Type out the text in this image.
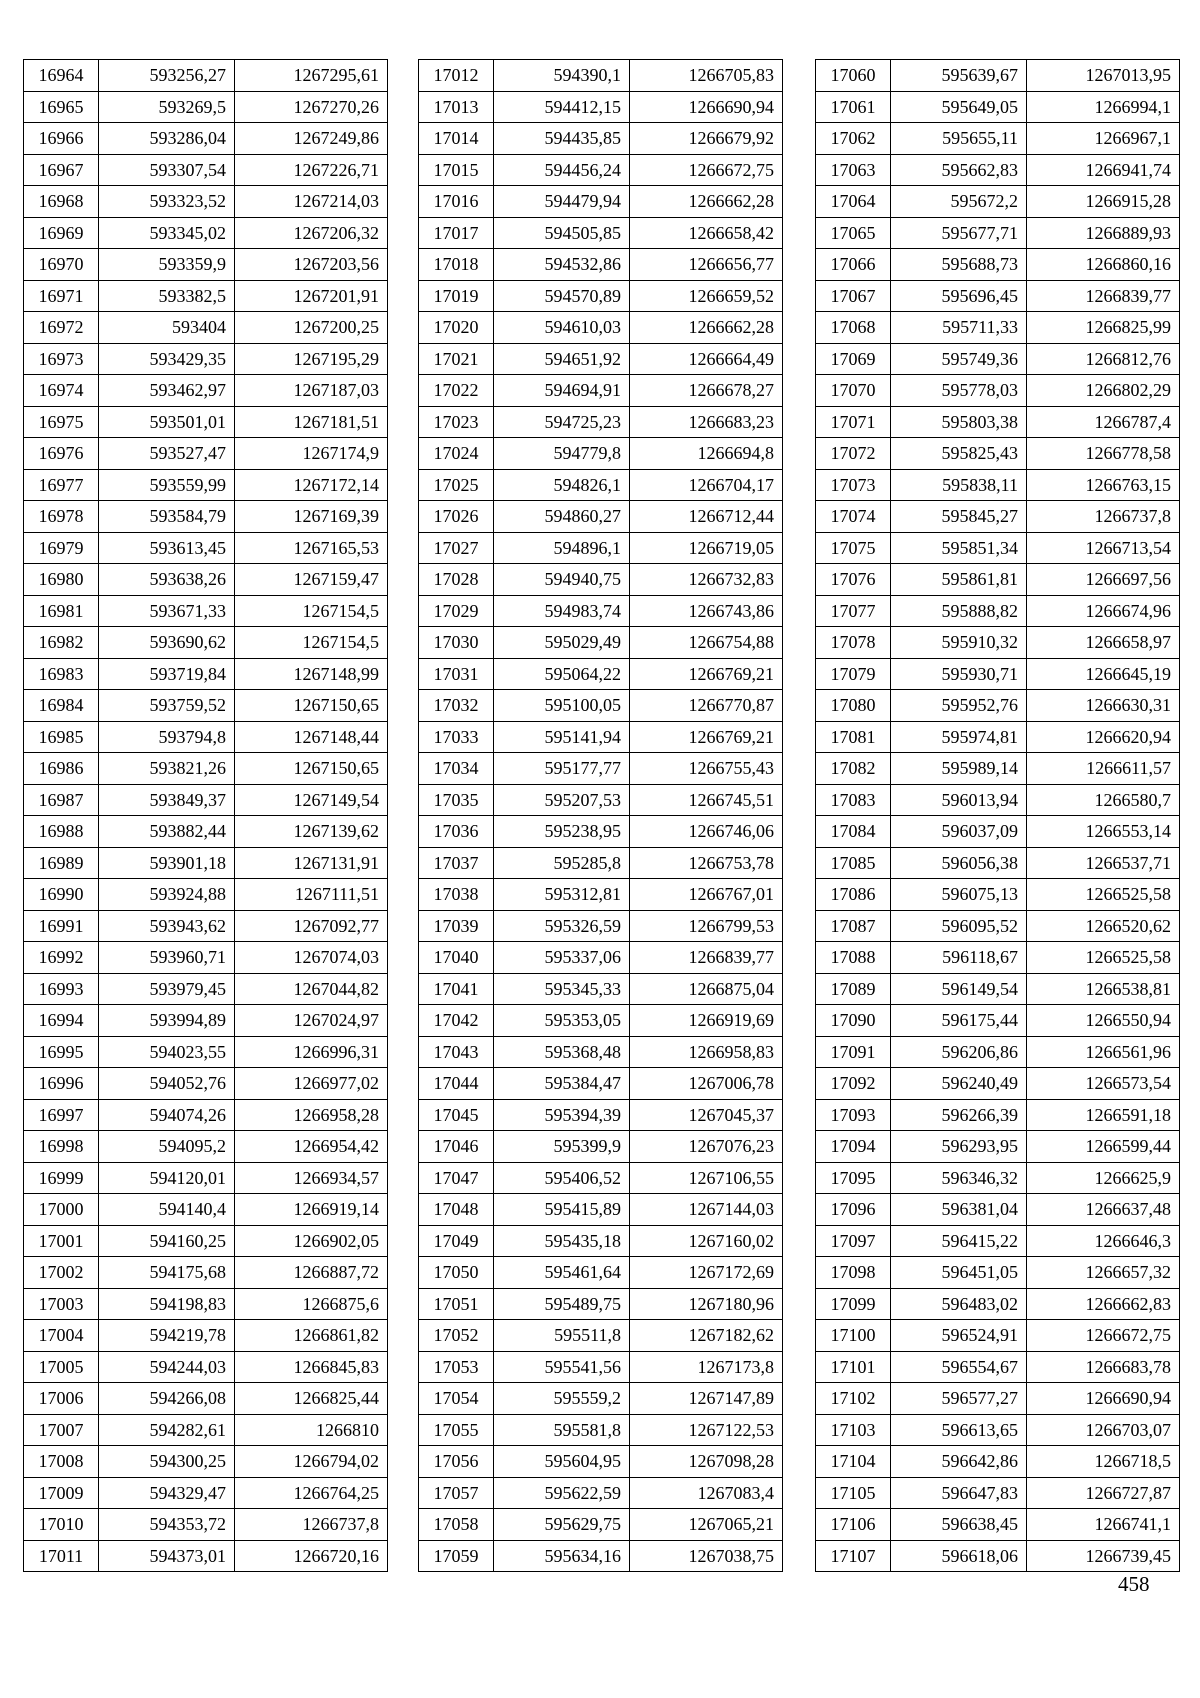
16964	593256,27	1267295,61
16965	593269,5	1267270,26
16966	593286,04	1267249,86
16967	593307,54	1267226,71
16968	593323,52	1267214,03
16969	593345,02	1267206,32
16970	593359,9	1267203,56
16971	593382,5	1267201,91
16972	593404	1267200,25
16973	593429,35	1267195,29
16974	593462,97	1267187,03
16975	593501,01	1267181,51
16976	593527,47	1267174,9
16977	593559,99	1267172,14
16978	593584,79	1267169,39
16979	593613,45	1267165,53
16980	593638,26	1267159,47
16981	593671,33	1267154,5
16982	593690,62	1267154,5
16983	593719,84	1267148,99
16984	593759,52	1267150,65
16985	593794,8	1267148,44
16986	593821,26	1267150,65
16987	593849,37	1267149,54
16988	593882,44	1267139,62
16989	593901,18	1267131,91
16990	593924,88	1267111,51
16991	593943,62	1267092,77
16992	593960,71	1267074,03
16993	593979,45	1267044,82
16994	593994,89	1267024,97
16995	594023,55	1266996,31
16996	594052,76	1266977,02
16997	594074,26	1266958,28
16998	594095,2	1266954,42
16999	594120,01	1266934,57
17000	594140,4	1266919,14
17001	594160,25	1266902,05
17002	594175,68	1266887,72
17003	594198,83	1266875,6
17004	594219,78	1266861,82
17005	594244,03	1266845,83
17006	594266,08	1266825,44
17007	594282,61	1266810
17008	594300,25	1266794,02
17009	594329,47	1266764,25
17010	594353,72	1266737,8
17011	594373,01	1266720,16
17012	594390,1	1266705,83
17013	594412,15	1266690,94
17014	594435,85	1266679,92
17015	594456,24	1266672,75
17016	594479,94	1266662,28
17017	594505,85	1266658,42
17018	594532,86	1266656,77
17019	594570,89	1266659,52
17020	594610,03	1266662,28
17021	594651,92	1266664,49
17022	594694,91	1266678,27
17023	594725,23	1266683,23
17024	594779,8	1266694,8
17025	594826,1	1266704,17
17026	594860,27	1266712,44
17027	594896,1	1266719,05
17028	594940,75	1266732,83
17029	594983,74	1266743,86
17030	595029,49	1266754,88
17031	595064,22	1266769,21
17032	595100,05	1266770,87
17033	595141,94	1266769,21
17034	595177,77	1266755,43
17035	595207,53	1266745,51
17036	595238,95	1266746,06
17037	595285,8	1266753,78
17038	595312,81	1266767,01
17039	595326,59	1266799,53
17040	595337,06	1266839,77
17041	595345,33	1266875,04
17042	595353,05	1266919,69
17043	595368,48	1266958,83
17044	595384,47	1267006,78
17045	595394,39	1267045,37
17046	595399,9	1267076,23
17047	595406,52	1267106,55
17048	595415,89	1267144,03
17049	595435,18	1267160,02
17050	595461,64	1267172,69
17051	595489,75	1267180,96
17052	595511,8	1267182,62
17053	595541,56	1267173,8
17054	595559,2	1267147,89
17055	595581,8	1267122,53
17056	595604,95	1267098,28
17057	595622,59	1267083,4
17058	595629,75	1267065,21
17059	595634,16	1267038,75
17060	595639,67	1267013,95
17061	595649,05	1266994,1
17062	595655,11	1266967,1
17063	595662,83	1266941,74
17064	595672,2	1266915,28
17065	595677,71	1266889,93
17066	595688,73	1266860,16
17067	595696,45	1266839,77
17068	595711,33	1266825,99
17069	595749,36	1266812,76
17070	595778,03	1266802,29
17071	595803,38	1266787,4
17072	595825,43	1266778,58
17073	595838,11	1266763,15
17074	595845,27	1266737,8
17075	595851,34	1266713,54
17076	595861,81	1266697,56
17077	595888,82	1266674,96
17078	595910,32	1266658,97
17079	595930,71	1266645,19
17080	595952,76	1266630,31
17081	595974,81	1266620,94
17082	595989,14	1266611,57
17083	596013,94	1266580,7
17084	596037,09	1266553,14
17085	596056,38	1266537,71
17086	596075,13	1266525,58
17087	596095,52	1266520,62
17088	596118,67	1266525,58
17089	596149,54	1266538,81
17090	596175,44	1266550,94
17091	596206,86	1266561,96
17092	596240,49	1266573,54
17093	596266,39	1266591,18
17094	596293,95	1266599,44
17095	596346,32	1266625,9
17096	596381,04	1266637,48
17097	596415,22	1266646,3
17098	596451,05	1266657,32
17099	596483,02	1266662,83
17100	596524,91	1266672,75
17101	596554,67	1266683,78
17102	596577,27	1266690,94
17103	596613,65	1266703,07
17104	596642,86	1266718,5
17105	596647,83	1266727,87
17106	596638,45	1266741,1
17107	596618,06	1266739,45
458
